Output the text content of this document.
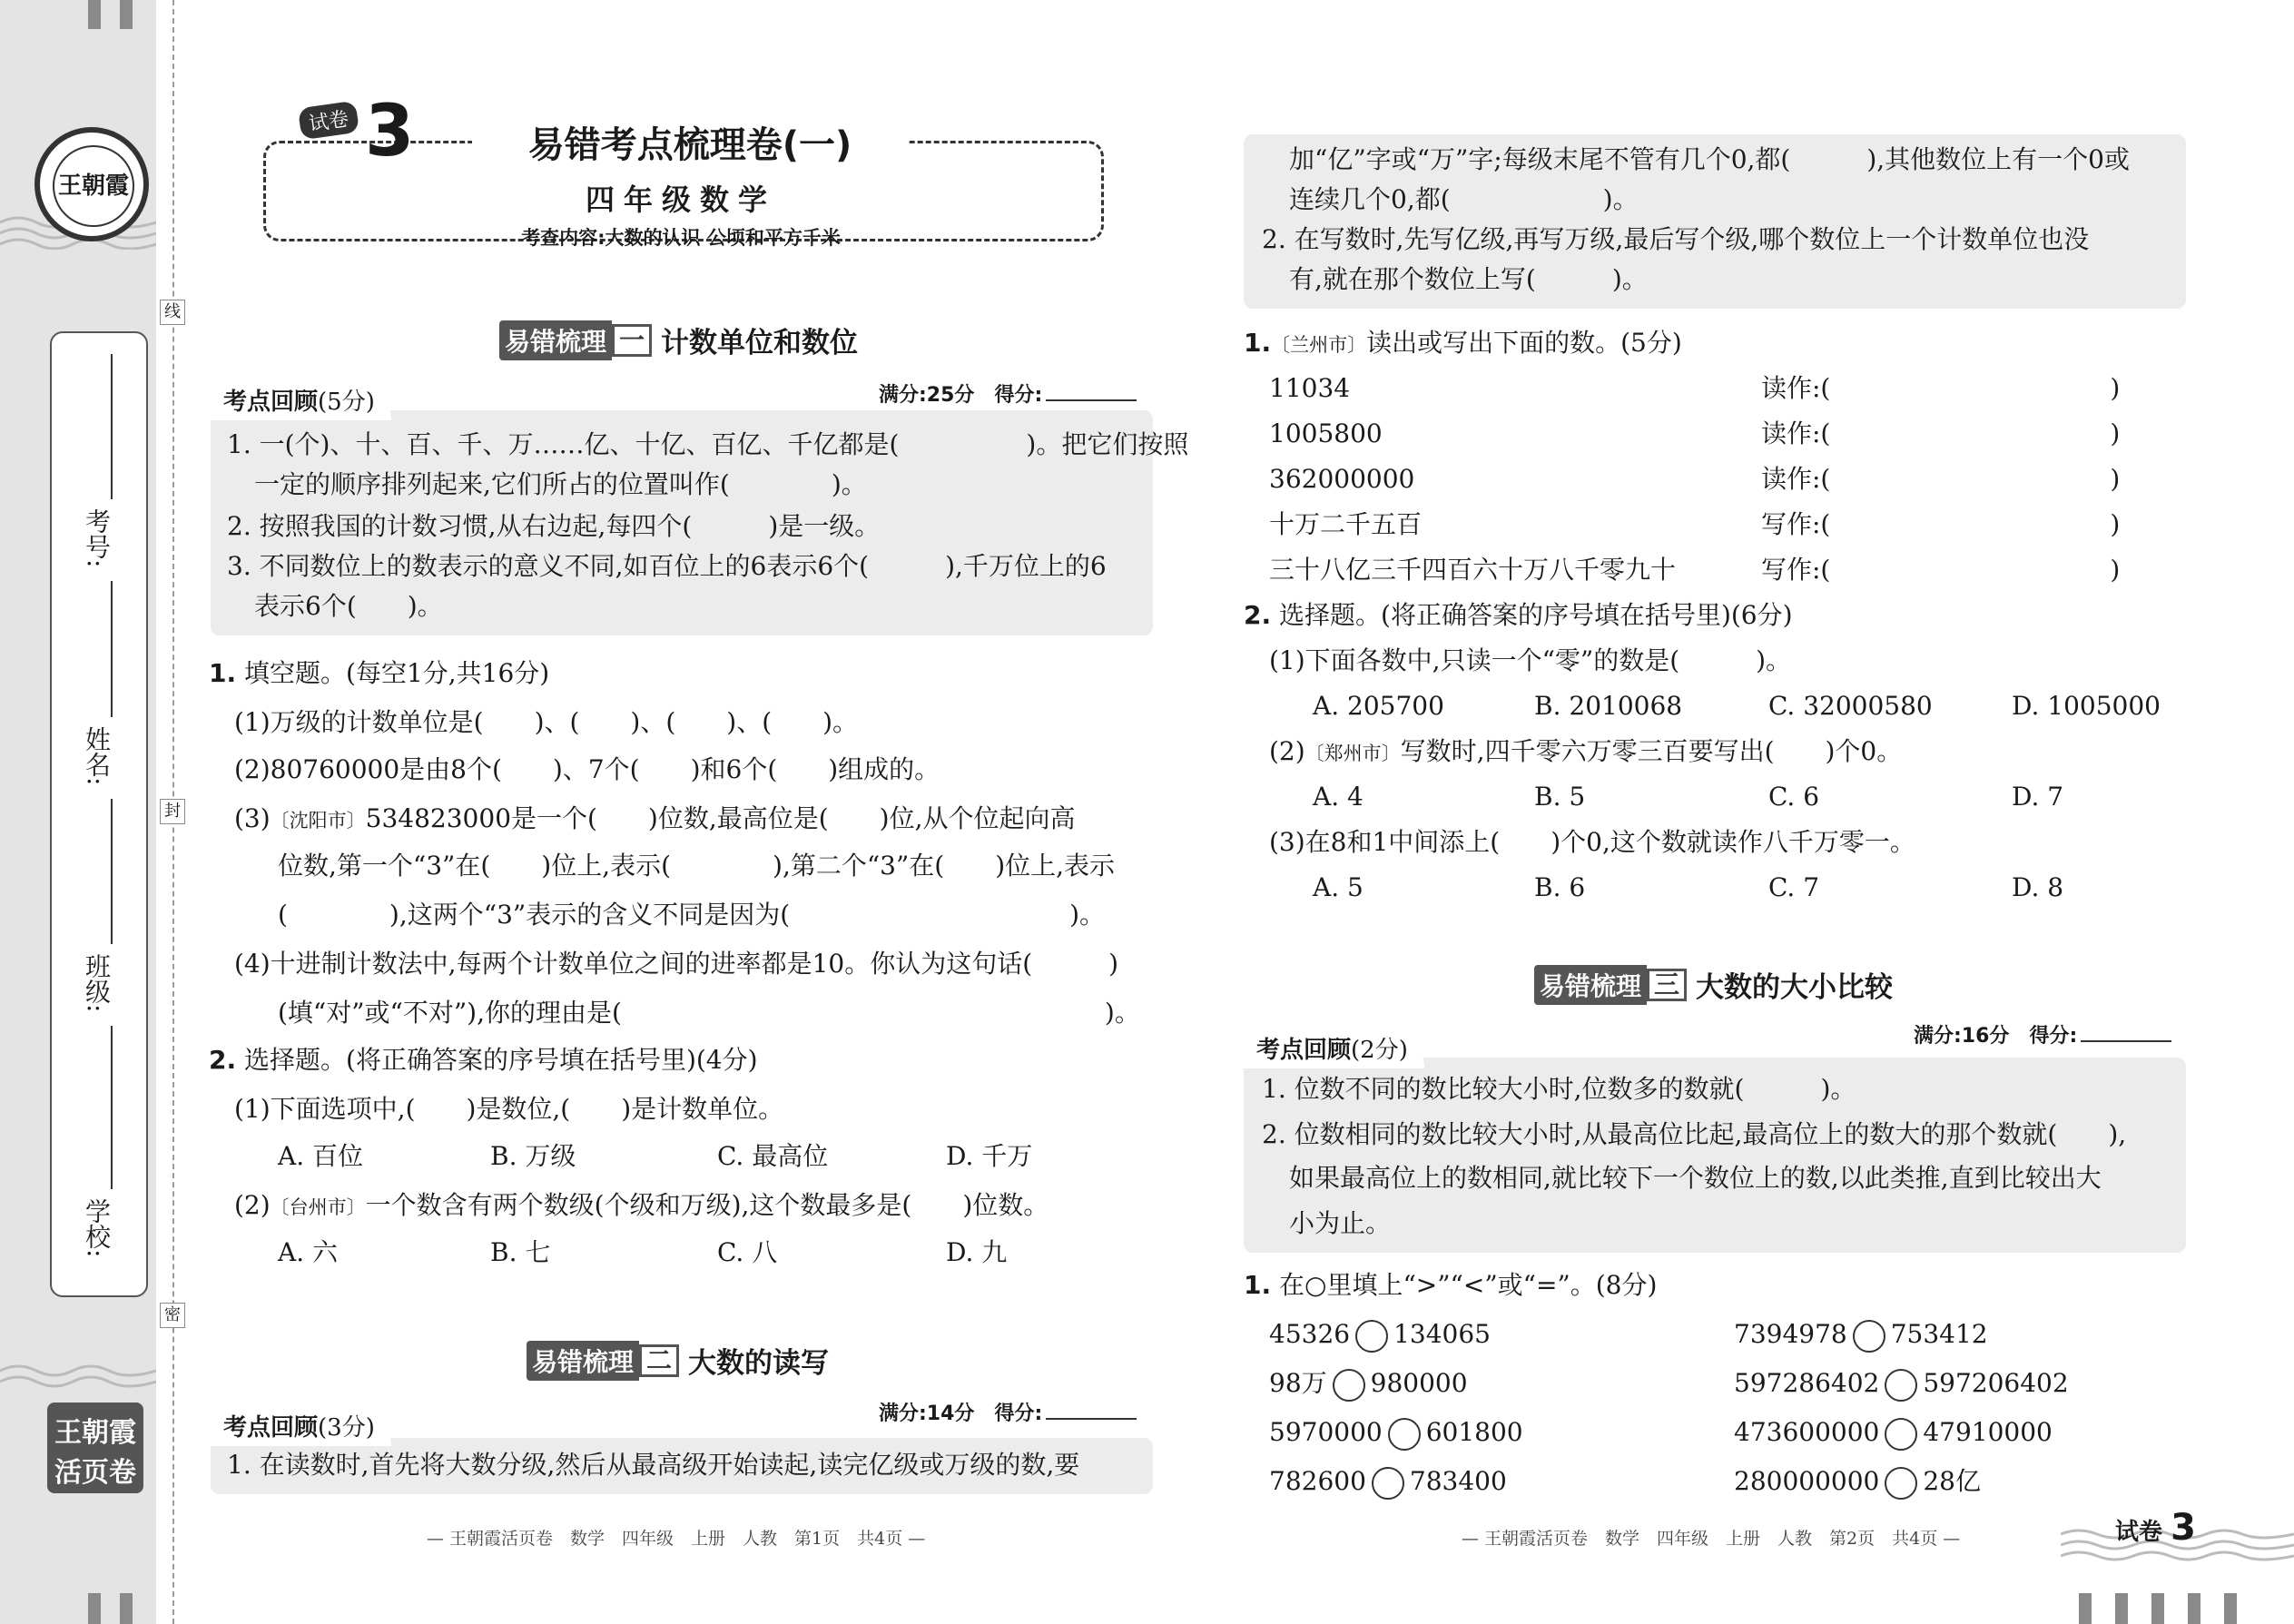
王朝霞
线
封
密
考号:
姓名:
班级:
学校:
王朝霞
活页卷
试卷 3	易错考点梳理卷(一)
四年级数学
考查内容:大数的认识 公顷和平方千米
易错梳理 一 计数单位和数位
考点回顾(5分)	满分:25分　 得分:
1. 一(个)、十、百、千、万……亿、十亿、百亿、千亿都是(　　　　　)。把它们按照
一定的顺序排列起来,它们所占的位置叫作(　　　　)。
2. 按照我国的计数习惯,从右边起,每四个(　　　)是一级。
3. 不同数位上的数表示的意义不同,如百位上的6表示6个(　　　),千万位上的6
表示6个(　　)。
1. 填空题。(每空1分,共16分)
(1)万级的计数单位是(　　)、(　　)、(　　)、(　　)。
(2)80760000是由8个(　　)、7个(　　)和6个(　　)组成的。
(3)〔沈阳市〕534823000是一个(　　)位数,最高位是(　　)位,从个位起向高
位数,第一个“3”在(　　)位上,表示(　　　　),第二个“3”在(　　)位上,表示
(　　　　),这两个“3”表示的含义不同是因为(　　　　　　　　　　　)。
(4)十进制计数法中,每两个计数单位之间的进率都是10。你认为这句话(　　　)
(填“对”或“不对”),你的理由是(　　　　　　　　　　　　　　　　　　　)。
2. 选择题。(将正确答案的序号填在括号里)(4分)
(1)下面选项中,(　　)是数位,(　　)是计数单位。
A. 百位	B. 万级	C. 最高位	D. 千万
(2)〔台州市〕一个数含有两个数级(个级和万级),这个数最多是(　　)位数。
A. 六	B. 七	C. 八	D. 九
易错梳理 二 大数的读写
考点回顾(3分)
满分:14分　 得分:
1. 在读数时,首先将大数分级,然后从最高级开始读起,读完亿级或万级的数,要
— 王朝霞活页卷　数学　四年级　上册　人教　第1页　共4页 —
加“亿”字或“万”字;每级末尾不管有几个0,都(　　　),其他数位上有一个0或
连续几个0,都(　　　　　　)。
2. 在写数时,先写亿级,再写万级,最后写个级,哪个数位上一个计数单位也没
有,就在那个数位上写(　　　)。
1.〔兰州市〕读出或写出下面的数。(5分)
11034	读作:(　　　　　　　　　　　)
1005800	读作:(　　　　　　　　　　　)
362000000	读作:(　　　　　　　　　　　)
十万二千五百	写作:(　　　　　　　　　　　)
三十八亿三千四百六十万八千零九十	写作:(　　　　　　　　　　　)
2. 选择题。(将正确答案的序号填在括号里)(6分)
(1)下面各数中,只读一个“零”的数是(　　　)。
A. 205700	B. 2010068	C. 32000580	D. 1005000
(2)〔郑州市〕写数时,四千零六万零三百要写出(　　)个0。
A. 4	B. 5	C. 6	D. 7
(3)在8和1中间添上(　　)个0,这个数就读作八千万零一。
A. 5	B. 6	C. 7	D. 8
易错梳理 三 大数的大小比较
考点回顾(2分)
满分:16分　 得分:
1. 位数不同的数比较大小时,位数多的数就(　　　)。
2. 位数相同的数比较大小时,从最高位比起,最高位上的数大的那个数就(　　),
如果最高位上的数相同,就比较下一个数位上的数,以此类推,直到比较出大
小为止。
1. 在○里填上“>”“<”或“=”。(8分)
45326 134065	7394978 753412
98万 980000	597286402 597206402
5970000 601800	473600000 47910000
782600 783400	280000000 28亿
— 王朝霞活页卷　数学　四年级　上册　人教　第2页　共4页 —	试卷 3
